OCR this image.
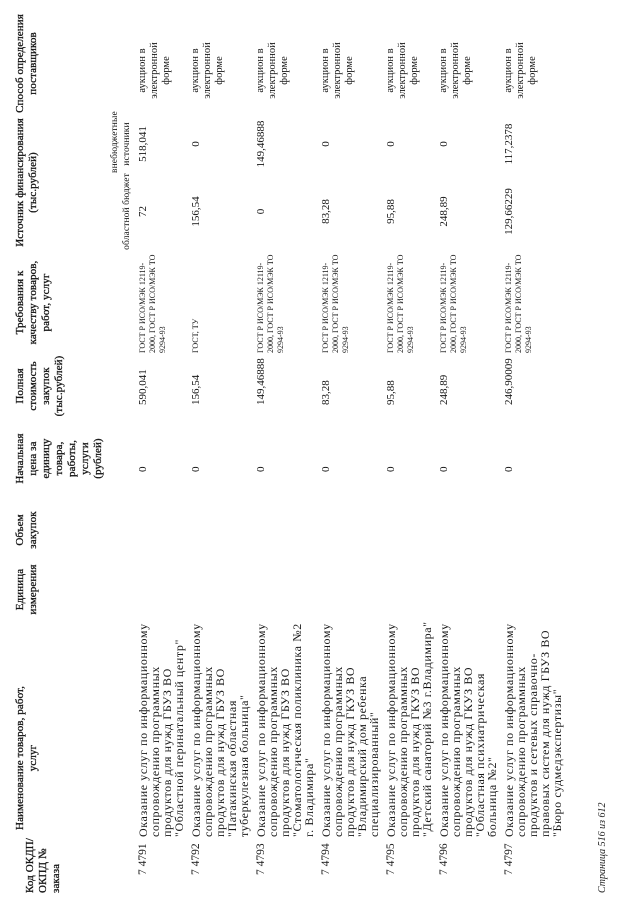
Код ОКДП/ ОКПД № заказа	Наименование товаров, работ, услуг	Единица измерения	Объем закупок	Начальная цена за единицу товара, работы, услуги (рублей)	Полная стоимость закупок (тыс.рублей)	Требования к качеству товаров, работ, услуг	Источник финансирования (тыс.рублей)		Способ определения поставщиков
							областной бюджет	внебюджетные источники	
7 4791	Оказание услуг по информационному сопровождению программных продуктов для нужд ГБУЗ ВО "Областной перинатальный центр"			0	590,041	ГОСТ Р ИСО/МЭК 12119-2000, ГОСТ Р ИСО/МЭК ТО 9294-93	72	518,041	аукцион в электронной форме
7 4792	Оказание услуг по информационному сопровождению программных продуктов для нужд ГБУЗ ВО "Патакинская областная туберкулезная больница"			0	156,54	ГОСТ, ТУ	156,54	0	аукцион в электронной форме
7 4793	Оказание услуг по информационному сопровождению программных продуктов для нужд ГБУЗ ВО "Стоматологическая поликлиника №2 г. Владимира"			0	149,46888	ГОСТ Р ИСО/МЭК 12119-2000, ГОСТ Р ИСО/МЭК ТО 9294-93	0	149,46888	аукцион в электронной форме
7 4794	Оказание услуг по информационному сопровождению программных продуктов для нужд ГКУЗ ВО "Владимирский дом ребенка специализированный"			0	83,28	ГОСТ Р ИСО/МЭК 12119-2000, ГОСТ Р ИСО/МЭК ТО 9294-93	83,28	0	аукцион в электронной форме
7 4795	Оказание услуг по информационному сопровождению программных продуктов для нужд ГКУЗ ВО "Детский санаторий №3 г.Владимира"			0	95,88	ГОСТ Р ИСО/МЭК 12119-2000, ГОСТ Р ИСО/МЭК ТО 9294-93	95,88	0	аукцион в электронной форме
7 4796	Оказание услуг по информационному сопровождению программных продуктов для нужд ГКУЗ ВО "Областная психиатрическая больница №2"			0	248,89	ГОСТ Р ИСО/МЭК 12119-2000, ГОСТ Р ИСО/МЭК ТО 9294-93	248,89	0	аукцион в электронной форме
7 4797	Оказание услуг по информационному сопровождению программных продуктов и сетевых справочно-правовых систем для нужд ГБУЗ ВО "Бюро судмедэкспертизы"			0	246,90009	ГОСТ Р ИСО/МЭК 12119-2000, ГОСТ Р ИСО/МЭК ТО 9294-93	129,66229	117,2378	аукцион в электронной форме
Страница 516 из 612
